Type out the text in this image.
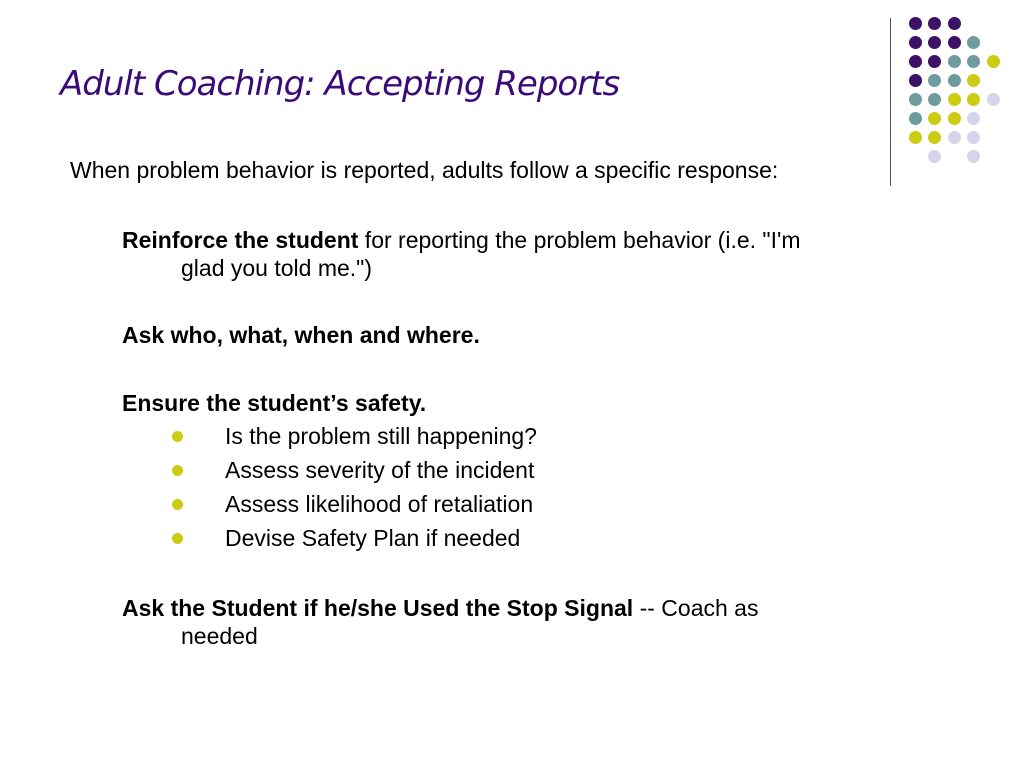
Adult Coaching: Accepting Reports
When problem behavior is reported, adults follow a specific response:
Reinforce the student for reporting the problem behavior (i.e. "I'm
glad you told me.")
Ask who, what, when and where.
Ensure the student’s safety.
Is the problem still happening?
Assess severity of the incident
Assess likelihood of retaliation
Devise Safety Plan if needed
Ask the Student if he/she Used the Stop Signal -- Coach as
needed
